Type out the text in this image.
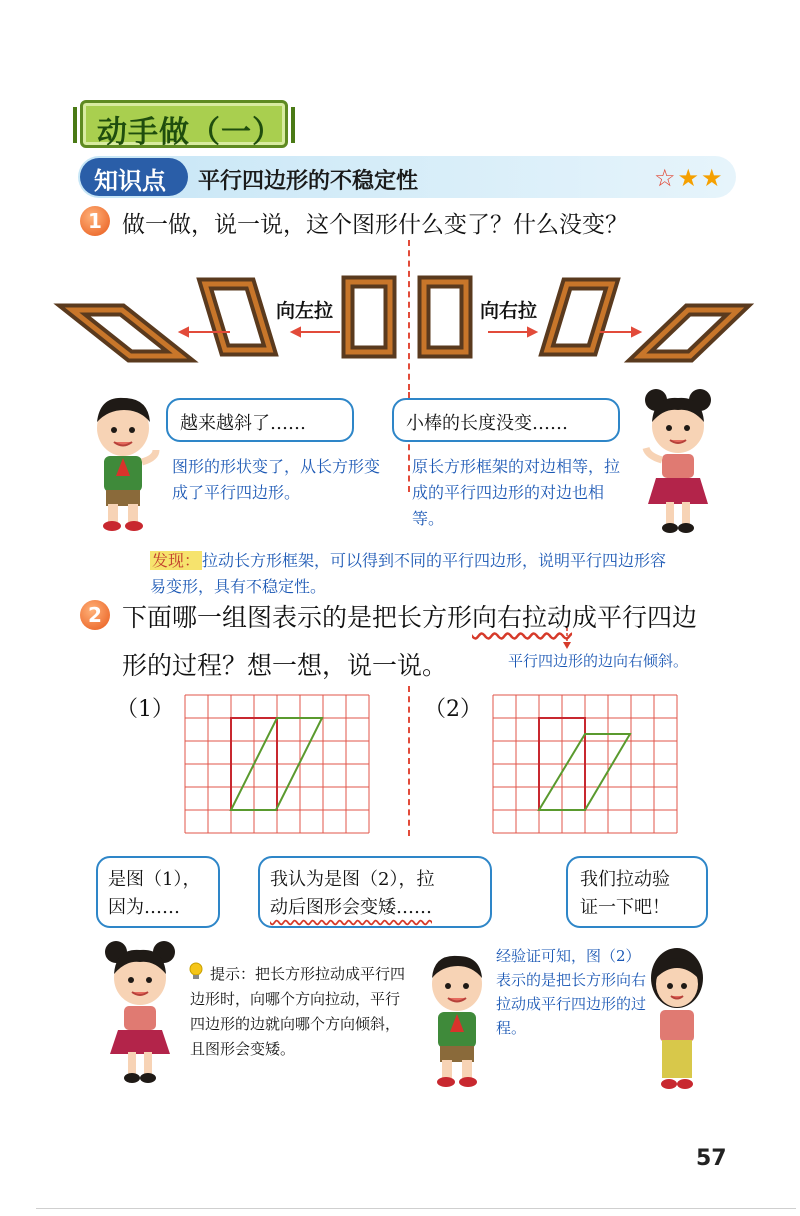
动手做（一）
知识点 平行四边形的不稳定性	☆★★
1 做一做，说一说，这个图形什么变了？什么没变？
向左拉	向右拉
越来越斜了……
图形的形状变了，从长方形变成了平行四边形。
小棒的长度没变……
原长方形框架的对边相等，拉成的平行四边形的对边也相等。
发现： 拉动长方形框架，可以得到不同的平行四边形，说明平行四边形容易变形，具有不稳定性。
2 下面哪一组图表示的是把长方形向右拉动成平行四边
形的过程？想一想，说一说。	平行四边形的边向右倾斜。
（1）	（2）
是图（1），
因为……
我认为是图（2），拉
动后图形会变矮……
我们拉动验
证一下吧！
提示：把长方形拉动成平行四边形时，向哪个方向拉动，平行四边形的边就向哪个方向倾斜，且图形会变矮。
经验证可知，图（2）表示的是把长方形向右拉动成平行四边形的过程。
57
